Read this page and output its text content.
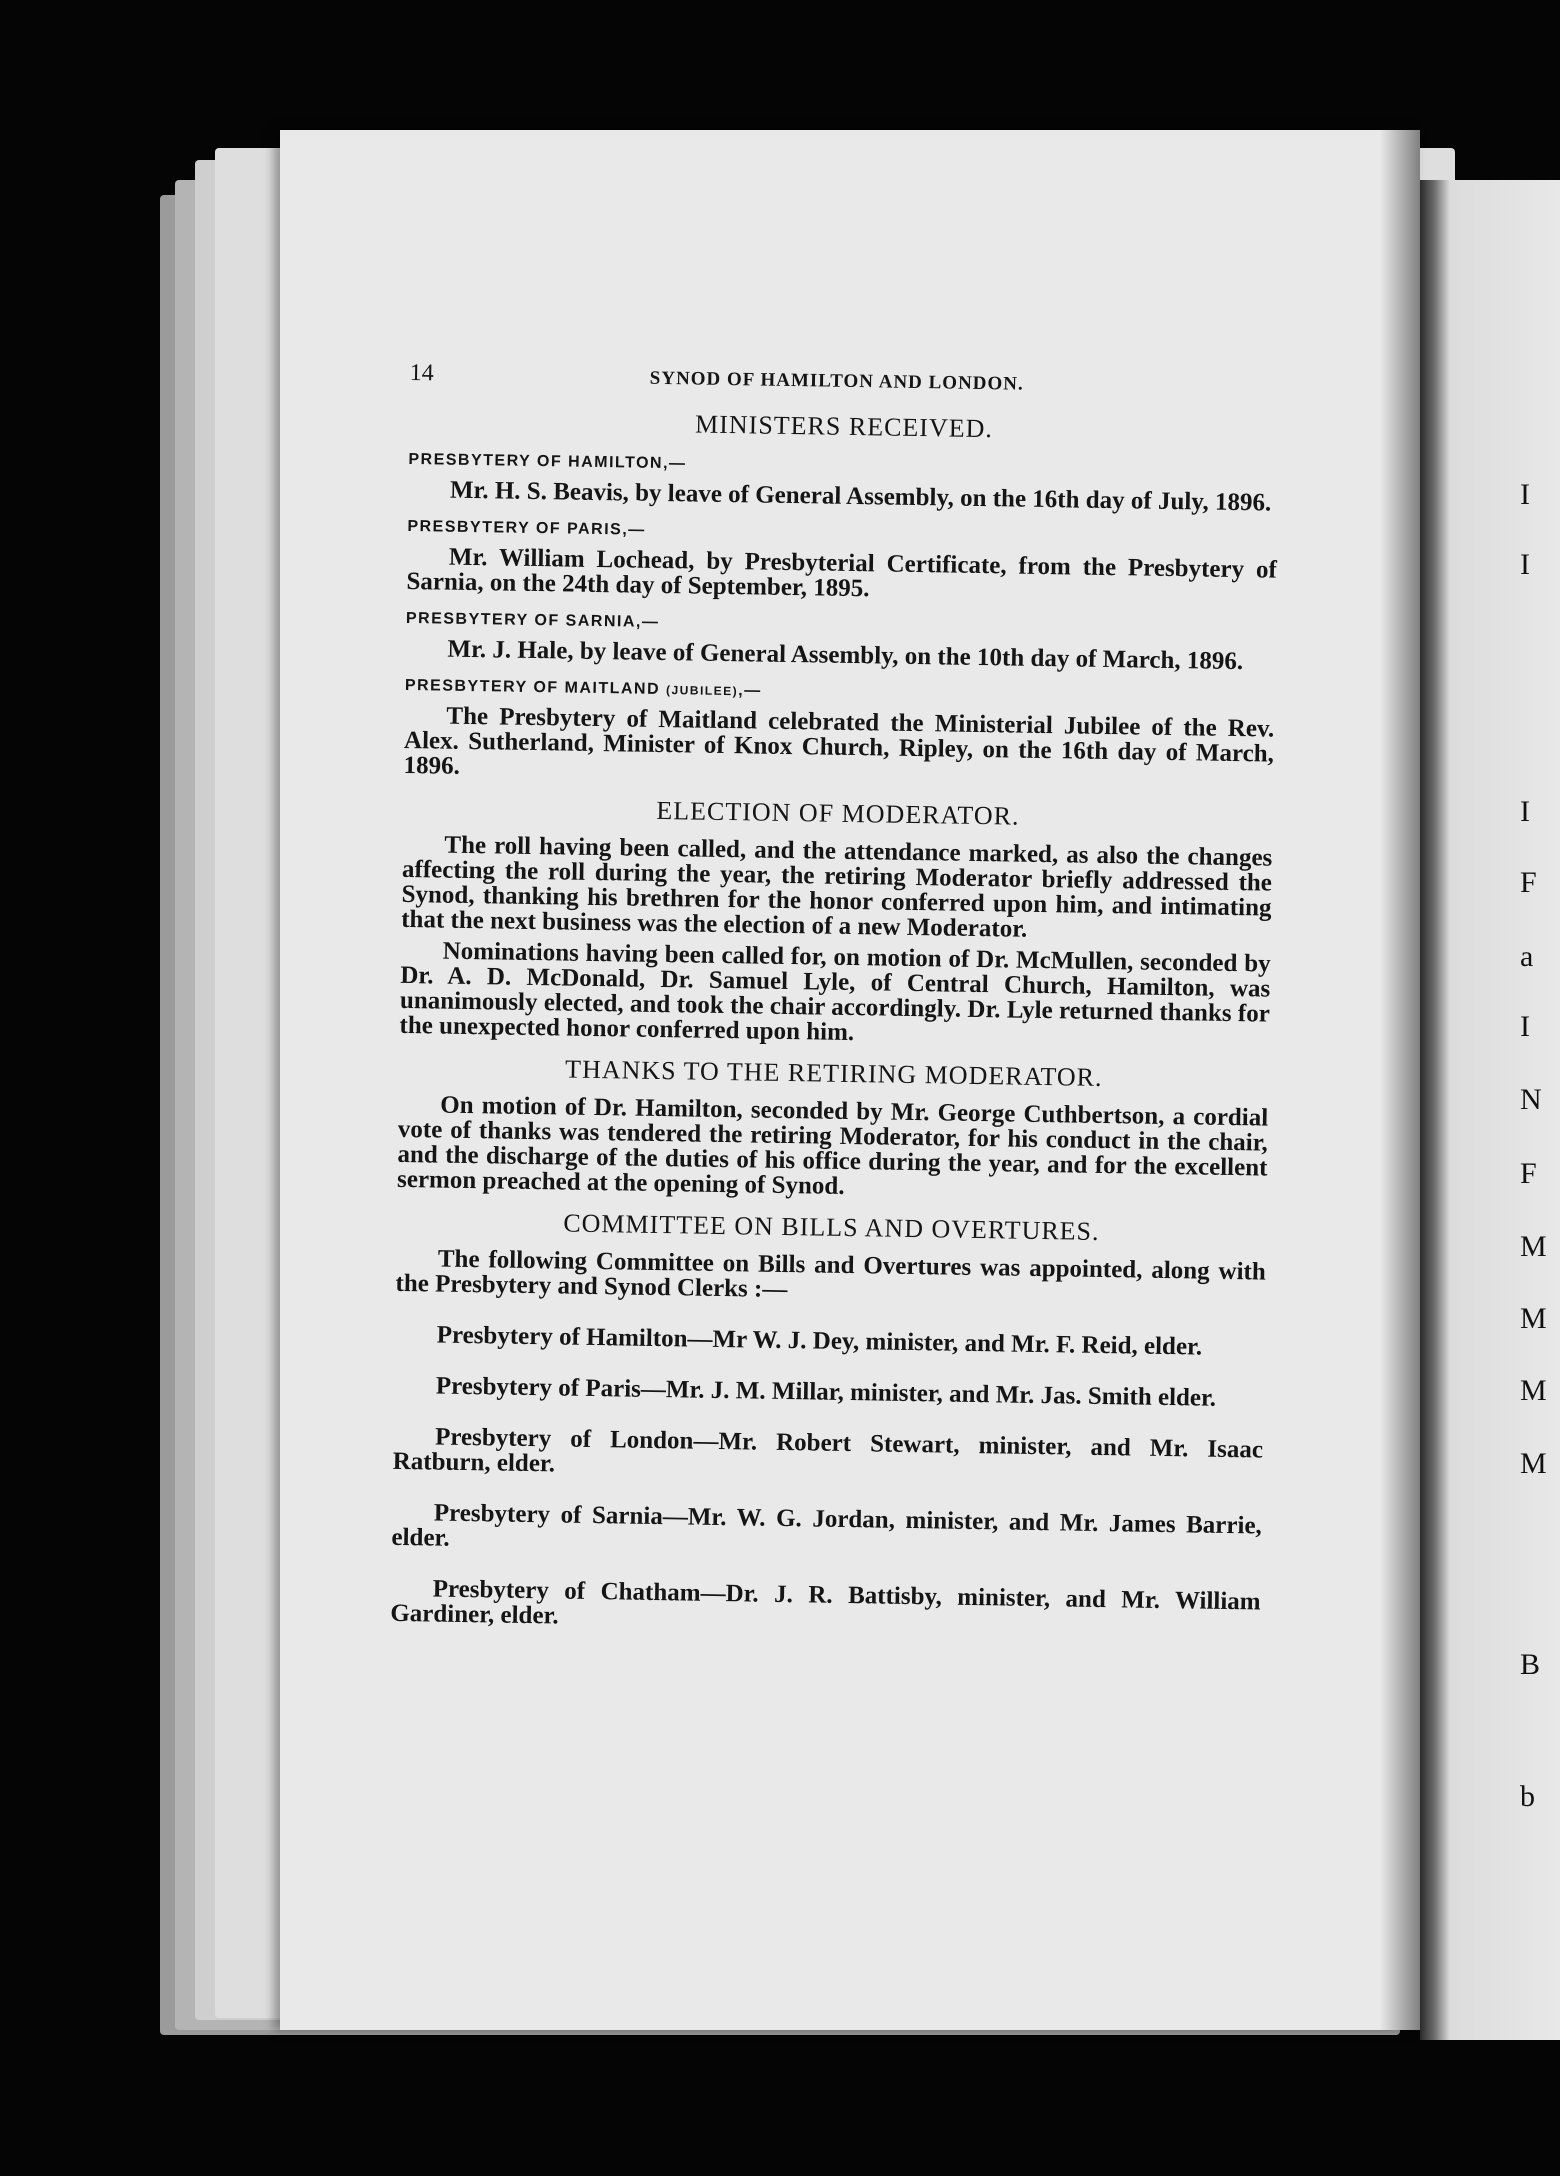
I
I
I
F
a
I
N
F
M
M
M
M
B
b
14	SYNOD OF HAMILTON AND LONDON.
MINISTERS RECEIVED.
PRESBYTERY OF HAMILTON,—

Mr. H. S. Beavis, by leave of General Assembly, on the 16th day of July, 1896.

PRESBYTERY OF PARIS,—

Mr. William Lochead, by Presbyterial Certificate, from the Presbytery of Sarnia, on the 24th day of September, 1895.

PRESBYTERY OF SARNIA,—

Mr. J. Hale, by leave of General Assembly, on the 10th day of March, 1896.

PRESBYTERY OF MAITLAND (JUBILEE),—

The Presbytery of Maitland celebrated the Ministerial Jubilee of the Rev. Alex. Sutherland, Minister of Knox Church, Ripley, on the 16th day of March, 1896.

ELECTION OF MODERATOR.

The roll having been called, and the attendance marked, as also the changes affecting the roll during the year, the retiring Moderator briefly addressed the Synod, thanking his brethren for the honor conferred upon him, and intimating that the next business was the election of a new Moderator.

Nominations having been called for, on motion of Dr. McMullen, seconded by Dr. A. D. McDonald, Dr. Samuel Lyle, of Central Church, Hamilton, was unanimously elected, and took the chair accordingly. Dr. Lyle returned thanks for the unexpected honor conferred upon him.

THANKS TO THE RETIRING MODERATOR.

On motion of Dr. Hamilton, seconded by Mr. George Cuthbertson, a cordial vote of thanks was tendered the retiring Moderator, for his conduct in the chair, and the discharge of the duties of his office during the year, and for the excellent sermon preached at the opening of Synod.

COMMITTEE ON BILLS AND OVERTURES.

The following Committee on Bills and Overtures was appointed, along with the Presbytery and Synod Clerks :—

Presbytery of Hamilton—Mr W. J. Dey, minister, and Mr. F. Reid, elder.

Presbytery of Paris—Mr. J. M. Millar, minister, and Mr. Jas. Smith elder.

Presbytery of London—Mr. Robert Stewart, minister, and Mr. Isaac Ratburn, elder.

Presbytery of Sarnia—Mr. W. G. Jordan, minister, and Mr. James Barrie, elder.

Presbytery of Chatham—Dr. J. R. Battisby, minister, and Mr. William Gardiner, elder.
